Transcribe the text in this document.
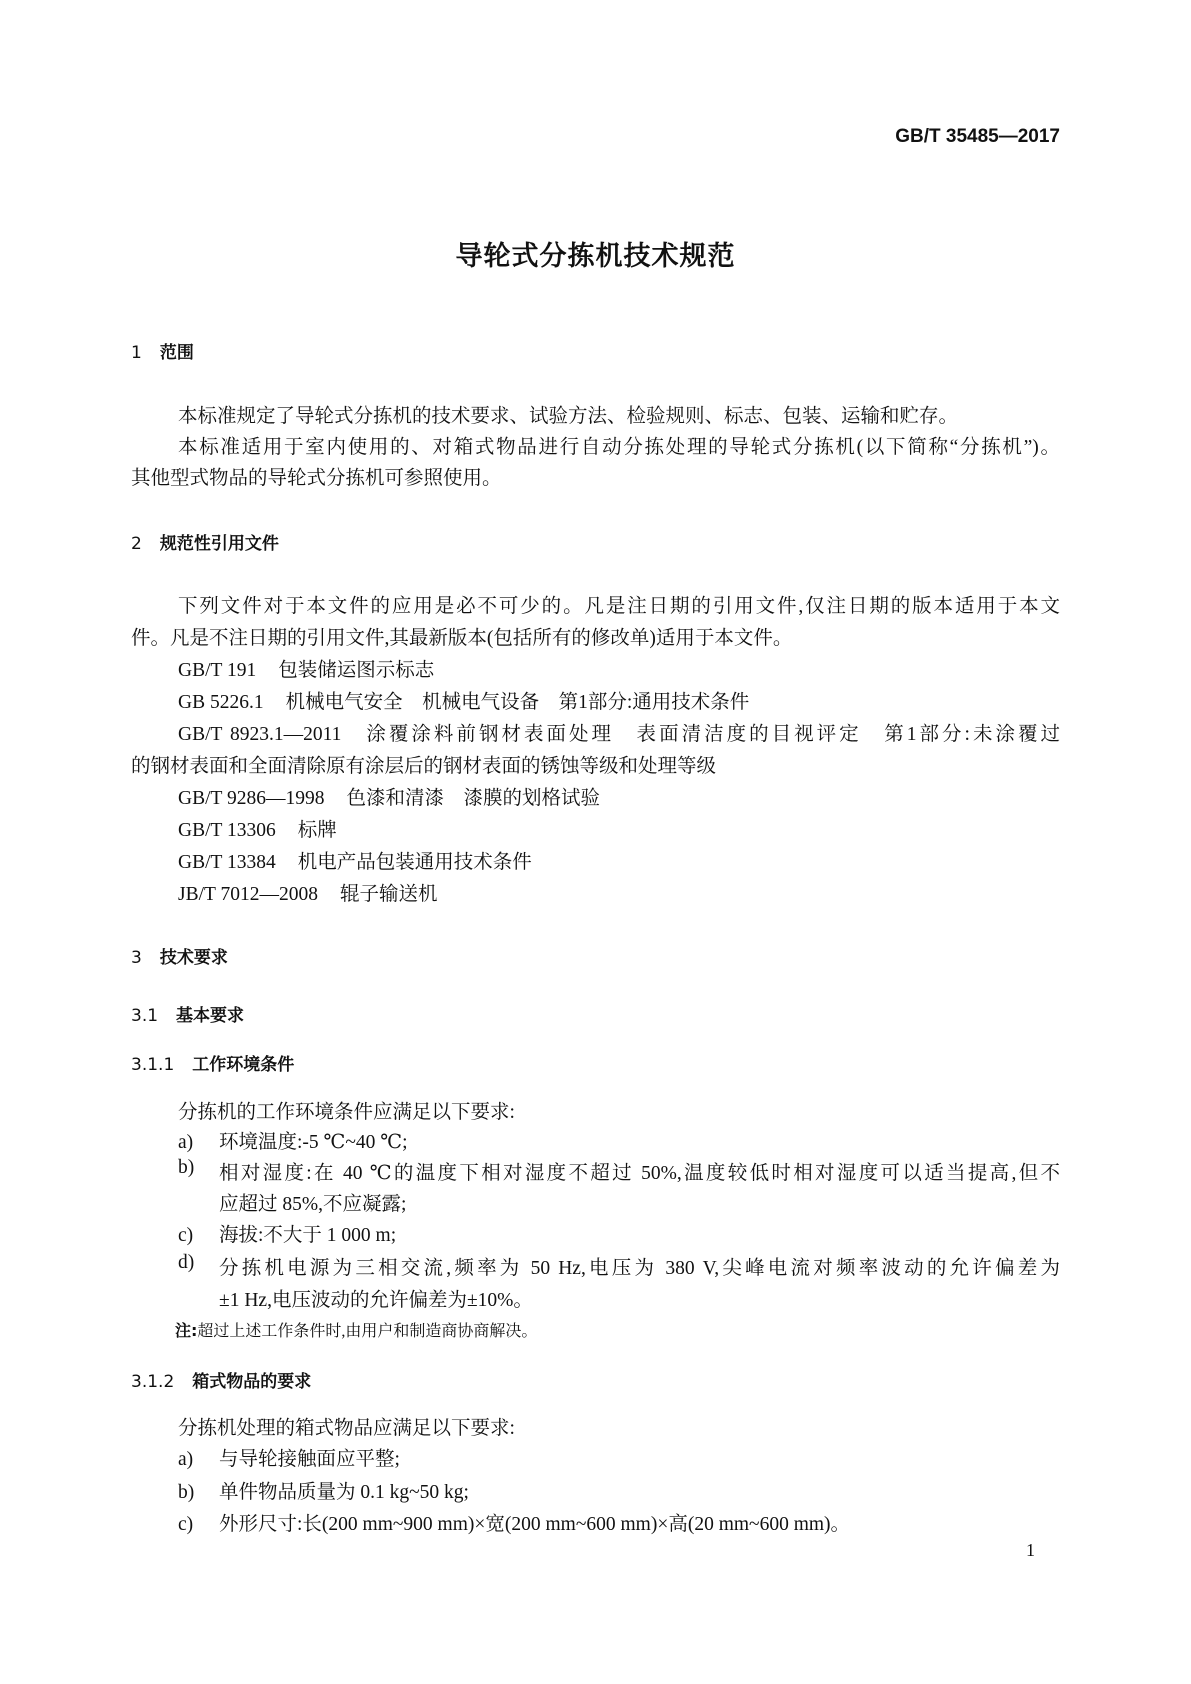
GB/T 35485—2017
导轮式分拣机技术规范
1 范围
本标准规定了导轮式分拣机的技术要求、试验方法、检验规则、标志、包装、运输和贮存。
本标准适用于室内使用的、对箱式物品进行自动分拣处理的导轮式分拣机(以下简称“分拣机”)。
其他型式物品的导轮式分拣机可参照使用。
2 规范性引用文件
下列文件对于本文件的应用是必不可少的。凡是注日期的引用文件,仅注日期的版本适用于本文
件。凡是不注日期的引用文件,其最新版本(包括所有的修改单)适用于本文件。
GB/T 191 包装储运图示标志
GB 5226.1 机械电气安全　机械电气设备　第1部分:通用技术条件
GB/T 8923.1—2011 涂覆涂料前钢材表面处理　表面清洁度的目视评定　第1部分:未涂覆过
的钢材表面和全面清除原有涂层后的钢材表面的锈蚀等级和处理等级
GB/T 9286—1998 色漆和清漆　漆膜的划格试验
GB/T 13306 标牌
GB/T 13384 机电产品包装通用技术条件
JB/T 7012—2008 辊子输送机
3 技术要求
3.1 基本要求
3.1.1 工作环境条件
分拣机的工作环境条件应满足以下要求:
a) 环境温度:-5 ℃~40 ℃;
b) 相对湿度:在 40 ℃的温度下相对湿度不超过 50%,温度较低时相对湿度可以适当提高,但不
应超过 85%,不应凝露;
c) 海拔:不大于 1 000 m;
d) 分拣机电源为三相交流,频率为 50 Hz,电压为 380 V,尖峰电流对频率波动的允许偏差为
±1 Hz,电压波动的允许偏差为±10%。
注:超过上述工作条件时,由用户和制造商协商解决。
3.1.2 箱式物品的要求
分拣机处理的箱式物品应满足以下要求:
a) 与导轮接触面应平整;
b) 单件物品质量为 0.1 kg~50 kg;
c) 外形尺寸:长(200 mm~900 mm)×宽(200 mm~600 mm)×高(20 mm~600 mm)。
1
